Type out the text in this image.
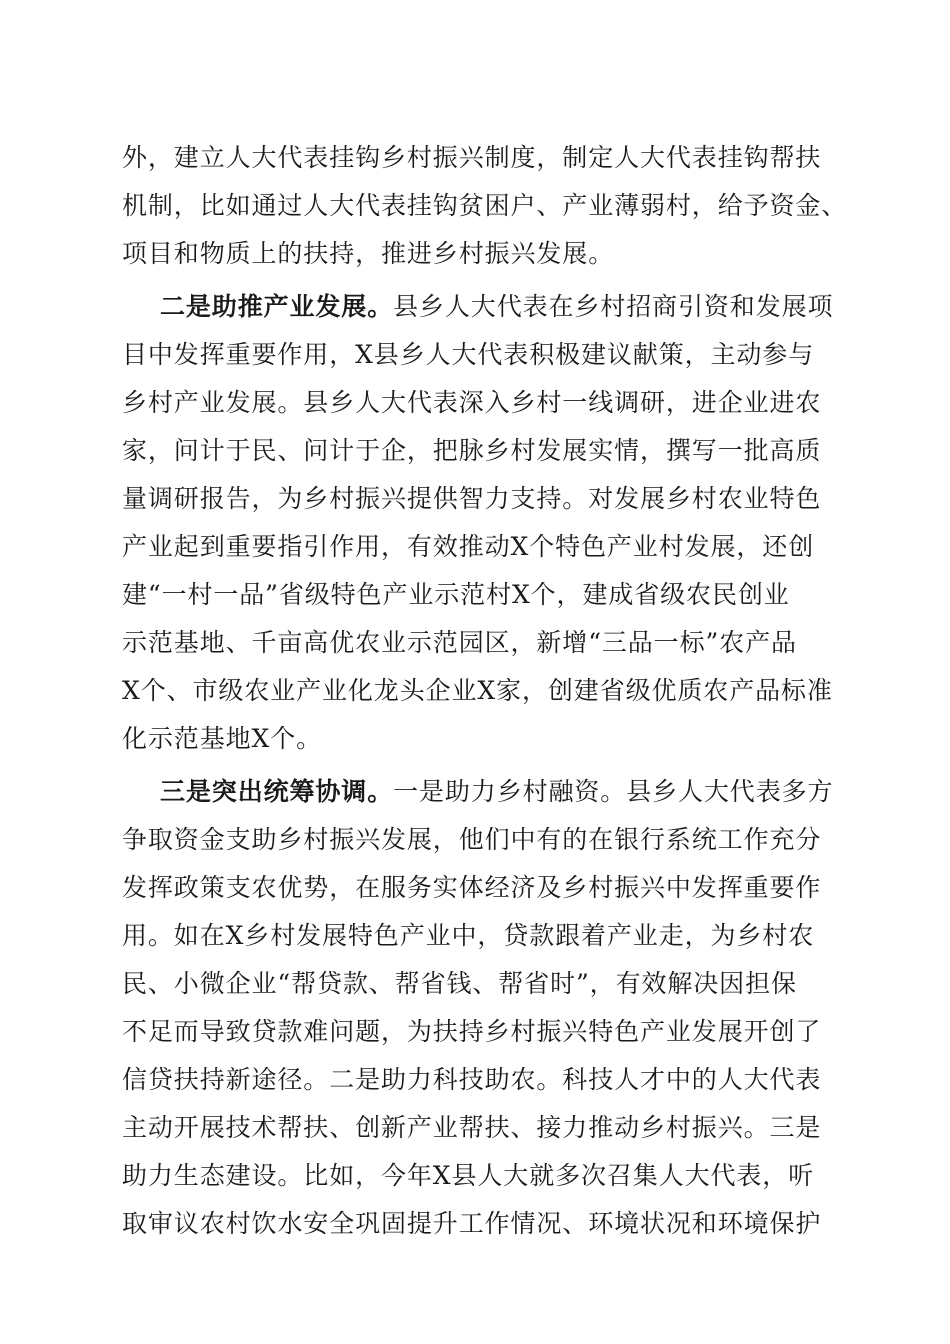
外，建立人大代表挂钩乡村振兴制度，制定人大代表挂钩帮扶
机制，比如通过人大代表挂钩贫困户、产业薄弱村，给予资金、
项目和物质上的扶持，推进乡村振兴发展。
二是助推产业发展。县乡人大代表在乡村招商引资和发展项
目中发挥重要作用，X县乡人大代表积极建议献策，主动参与
乡村产业发展。县乡人大代表深入乡村一线调研，进企业进农
家，问计于民、问计于企，把脉乡村发展实情，撰写一批高质
量调研报告，为乡村振兴提供智力支持。对发展乡村农业特色
产业起到重要指引作用，有效推动X个特色产业村发展，还创
建“一村一品”省级特色产业示范村X个，建成省级农民创业
示范基地、千亩高优农业示范园区，新增“三品一标”农产品
X个、市级农业产业化龙头企业X家，创建省级优质农产品标准
化示范基地X个。
三是突出统筹协调。一是助力乡村融资。县乡人大代表多方
争取资金支助乡村振兴发展，他们中有的在银行系统工作充分
发挥政策支农优势，在服务实体经济及乡村振兴中发挥重要作
用。如在X乡村发展特色产业中，贷款跟着产业走，为乡村农
民、小微企业“帮贷款、帮省钱、帮省时”，有效解决因担保
不足而导致贷款难问题，为扶持乡村振兴特色产业发展开创了
信贷扶持新途径。二是助力科技助农。科技人才中的人大代表
主动开展技术帮扶、创新产业帮扶、接力推动乡村振兴。三是
助力生态建设。比如，今年X县人大就多次召集人大代表，听
取审议农村饮水安全巩固提升工作情况、环境状况和环境保护
